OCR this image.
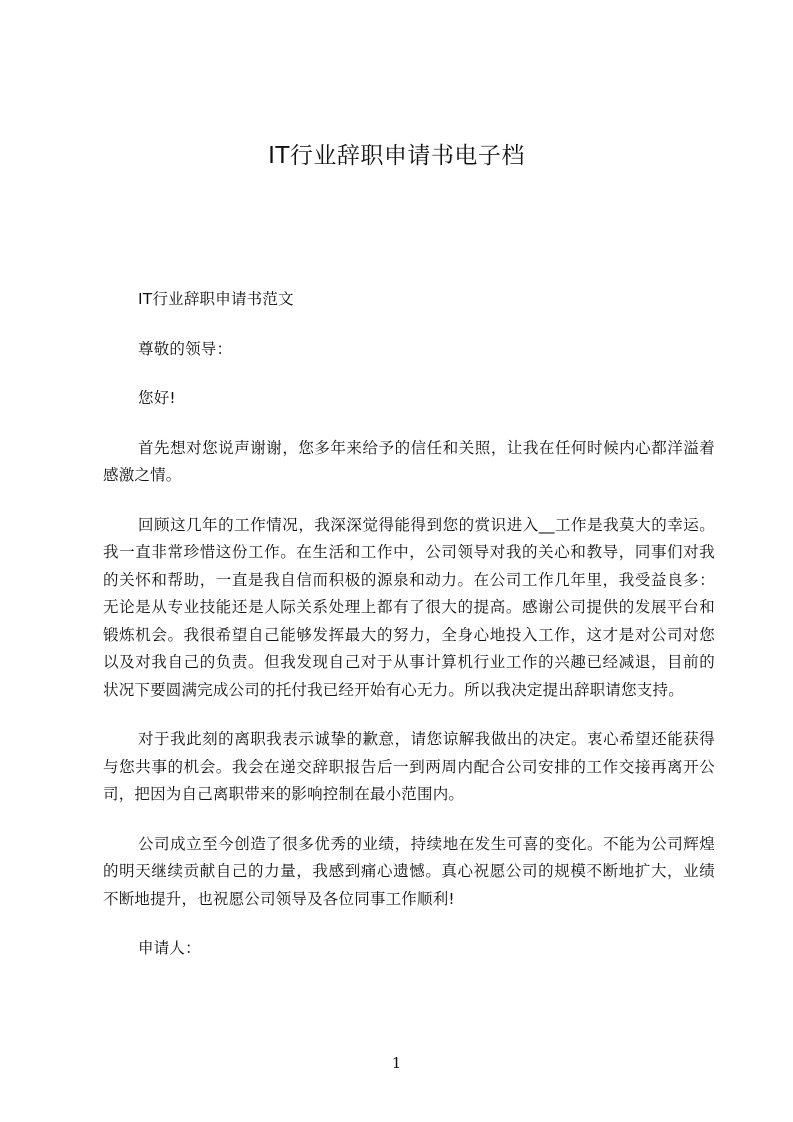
IT行业辞职申请书电子档

IT行业辞职申请书范文

尊敬的领导：

您好!

首先想对您说声谢谢，您多年来给予的信任和关照，让我在任何时候内心都洋溢着感激之情。

回顾这几年的工作情况，我深深觉得能得到您的赏识进入__工作是我莫大的幸运。我一直非常珍惜这份工作。在生活和工作中，公司领导对我的关心和教导，同事们对我的关怀和帮助，一直是我自信而积极的源泉和动力。在公司工作几年里，我受益良多：无论是从专业技能还是人际关系处理上都有了很大的提高。感谢公司提供的发展平台和锻炼机会。我很希望自己能够发挥最大的努力，全身心地投入工作，这才是对公司对您以及对我自己的负责。但我发现自己对于从事计算机行业工作的兴趣已经减退，目前的状况下要圆满完成公司的托付我已经开始有心无力。所以我决定提出辞职请您支持。

对于我此刻的离职我表示诚挚的歉意，请您谅解我做出的决定。衷心希望还能获得与您共事的机会。我会在递交辞职报告后一到两周内配合公司安排的工作交接再离开公司，把因为自己离职带来的影响控制在最小范围内。

公司成立至今创造了很多优秀的业绩，持续地在发生可喜的变化。不能为公司辉煌的明天继续贡献自己的力量，我感到痛心遗憾。真心祝愿公司的规模不断地扩大，业绩不断地提升，也祝愿公司领导及各位同事工作顺利!

申请人：

1
